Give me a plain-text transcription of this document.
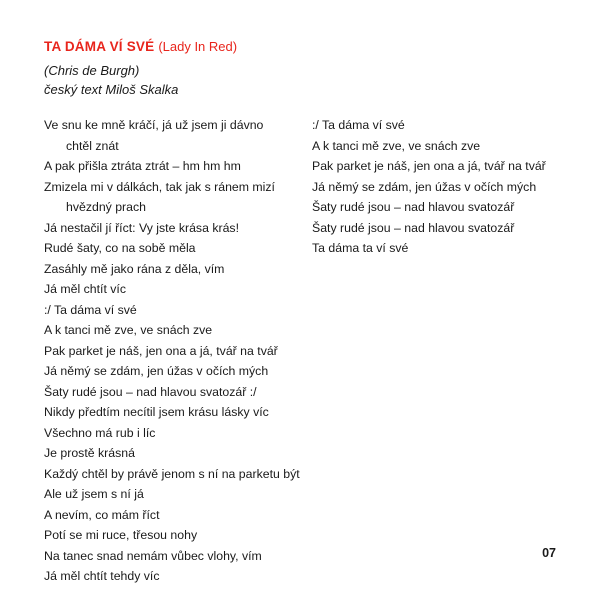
TA DÁMA VÍ SVÉ (Lady In Red)
(Chris de Burgh)
český text Miloš Skalka
Ve snu ke mně kráčí, já už jsem ji dávno
chtěl znát
A pak přišla ztráta ztrát – hm hm hm
Zmizela mi v dálkách, tak jak s ránem mizí
hvězdný prach
Já nestačil jí říct: Vy jste krása krás!
Rudé šaty, co na sobě měla
Zasáhly mě jako rána z děla, vím
Já měl chtít víc
:/ Ta dáma ví své
A k tanci mě zve, ve snách zve
Pak parket je náš, jen ona a já, tvář na tvář
Já němý se zdám, jen úžas v očích mých
Šaty rudé jsou – nad hlavou svatozář :/
Nikdy předtím necítil jsem krásu lásky víc
Všechno má rub i líc
Je prostě krásná
Každý chtěl by právě jenom s ní na parketu být
Ale už jsem s ní já
A nevím, co mám říct
Potí se mi ruce, třesou nohy
Na tanec snad nemám vůbec vlohy, vím
Já měl chtít tehdy víc
:/ Ta dáma ví své
A k tanci mě zve, ve snách zve
Pak parket je náš, jen ona a já, tvář na tvář
Já němý se zdám, jen úžas v očích mých
Šaty rudé jsou – nad hlavou svatozář
Šaty rudé jsou – nad hlavou svatozář
Ta dáma ta ví své
07
